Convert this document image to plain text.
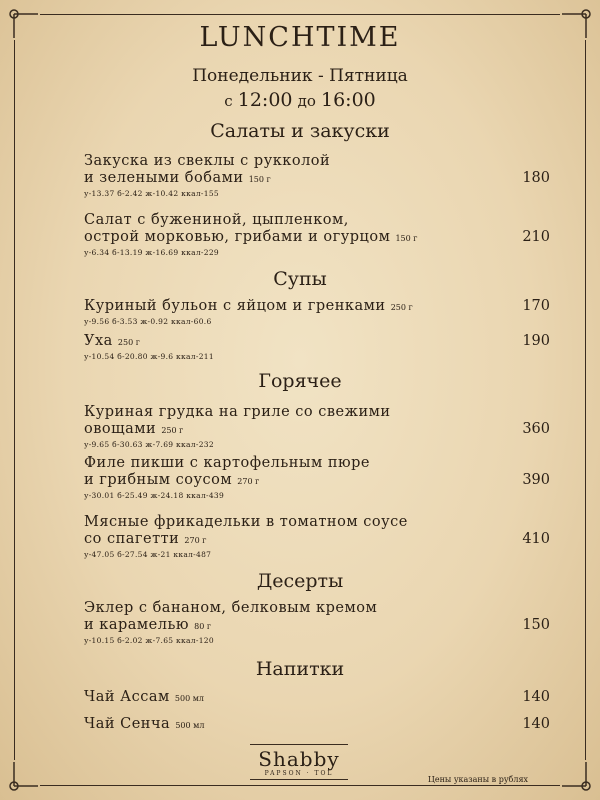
LUNCHTIME
Понедельник - Пятница
с 12:00 до 16:00
Салаты и закуски
Закуска из свеклы с рукколой
и зелеными бобами 150 г
у-13.37 б-2.42 ж-10.42 ккал-155
180
Салат с бужениной, цыпленком,
острой морковью, грибами и огурцом 150 г
у-6.34 б-13.19 ж-16.69 ккал-229
210
Супы
Куриный бульон с яйцом и гренками 250 г
у-9.56 б-3.53 ж-0.92 ккал-60.6
170
Уха 250 г
у-10.54 б-20.80 ж-9.6 ккал-211
190
Горячее
Куриная грудка на гриле со свежими
овощами 250 г
у-9.65 б-30.63 ж-7.69 ккал-232
360
Филе пикши с картофельным пюре
и грибным соусом 270 г
у-30.01 б-25.49 ж-24.18 ккал-439
390
Мясные фрикадельки в томатном соусе
со спагетти 270 г
у-47.05 б-27.54 ж-21 ккал-487
410
Десерты
Эклер с бананом, белковым кремом
и карамелью 80 г
у-10.15 б-2.02 ж-7.65 ккал-120
150
Напитки
Чай Ассам 500 мл	140
Чай Сенча 500 мл	140
Shabby
PAPSON · TOL
Цены указаны в рублях
